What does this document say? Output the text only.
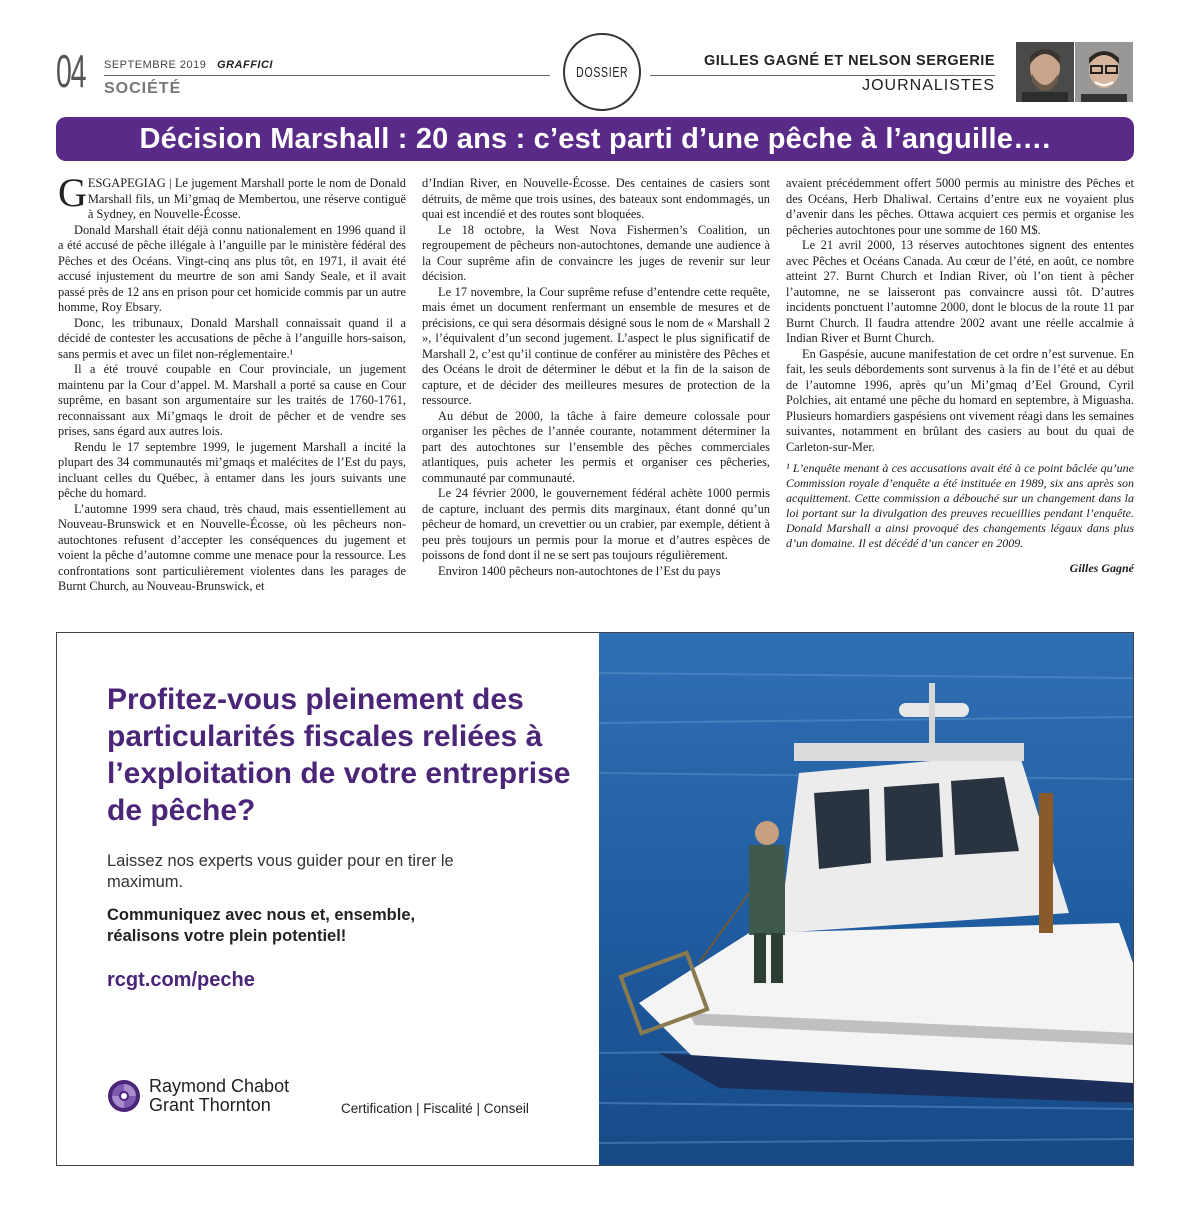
04 SEPTEMBRE 2019 GRAFFICI
SOCIÉTÉ
DOSSIER
GILLES GAGNÉ ET NELSON SERGERIE
JOURNALISTES
Décision Marshall : 20 ans : c’est parti d’une pêche à l’anguille….

GESGAPEGIAG | Le jugement Marshall porte le nom de Donald Marshall fils, un Mi’gmaq de Membertou, une réserve contiguë à Sydney, en Nouvelle-Écosse.

Donald Marshall était déjà connu nationalement en 1996 quand il a été accusé de pêche illégale à l’anguille par le ministère fédéral des Pêches et des Océans. Vingt-cinq ans plus tôt, en 1971, il avait été accusé injustement du meurtre de son ami Sandy Seale, et il avait passé près de 12 ans en prison pour cet homicide commis par un autre homme, Roy Ebsary.

Donc, les tribunaux, Donald Marshall connaissait quand il a décidé de contester les accusations de pêche à l’anguille hors-saison, sans permis et avec un filet non-réglementaire.¹

Il a été trouvé coupable en Cour provinciale, un jugement maintenu par la Cour d’appel. M. Marshall a porté sa cause en Cour suprême, en basant son argumentaire sur les traités de 1760-1761, reconnaissant aux Mi’gmaqs le droit de pêcher et de vendre ses prises, sans égard aux autres lois.

Rendu le 17 septembre 1999, le jugement Marshall a incité la plupart des 34 communautés mi’gmaqs et malécites de l’Est du pays, incluant celles du Québec, à entamer dans les jours suivants une pêche du homard.

L’automne 1999 sera chaud, très chaud, mais essentiellement au Nouveau-Brunswick et en Nouvelle-Écosse, où les pêcheurs non-autochtones refusent d’accepter les conséquences du jugement et voient la pêche d’automne comme une menace pour la ressource. Les confrontations sont particulièrement violentes dans les parages de Burnt Church, au Nouveau-Brunswick, et

d’Indian River, en Nouvelle-Écosse. Des centaines de casiers sont détruits, de même que trois usines, des bateaux sont endommagés, un quai est incendié et des routes sont bloquées.

Le 18 octobre, la West Nova Fishermen’s Coalition, un regroupement de pêcheurs non-autochtones, demande une audience à la Cour suprême afin de convaincre les juges de revenir sur leur décision.

Le 17 novembre, la Cour suprême refuse d’entendre cette requête, mais émet un document renfermant un ensemble de mesures et de précisions, ce qui sera désormais désigné sous le nom de « Marshall 2 », l’équivalent d’un second jugement. L’aspect le plus significatif de Marshall 2, c’est qu’il continue de conférer au ministère des Pêches et des Océans le droit de déterminer le début et la fin de la saison de capture, et de décider des meilleures mesures de protection de la ressource.

Au début de 2000, la tâche à faire demeure colossale pour organiser les pêches de l’année courante, notamment déterminer la part des autochtones sur l’ensemble des pêches commerciales atlantiques, puis acheter les permis et organiser ces pêcheries, communauté par communauté.

Le 24 février 2000, le gouvernement fédéral achète 1000 permis de capture, incluant des permis dits marginaux, étant donné qu’un pêcheur de homard, un crevettier ou un crabier, par exemple, détient à peu près toujours un permis pour la morue et d’autres espèces de poissons de fond dont il ne se sert pas toujours régulièrement.

Environ 1400 pêcheurs non-autochtones de l’Est du pays

avaient précédemment offert 5000 permis au ministre des Pêches et des Océans, Herb Dhaliwal. Certains d’entre eux ne voyaient plus d’avenir dans les pêches. Ottawa acquiert ces permis et organise les pêcheries autochtones pour une somme de 160 M$.

Le 21 avril 2000, 13 réserves autochtones signent des ententes avec Pêches et Océans Canada. Au cœur de l’été, en août, ce nombre atteint 27. Burnt Church et Indian River, où l’on tient à pêcher l’automne, ne se laisseront pas convaincre aussi tôt. D’autres incidents ponctuent l’automne 2000, dont le blocus de la route 11 par Burnt Church. Il faudra attendre 2002 avant une réelle accalmie à Indian River et Burnt Church.

En Gaspésie, aucune manifestation de cet ordre n’est survenue. En fait, les seuls débordements sont survenus à la fin de l’été et au début de l’automne 1996, après qu’un Mi’gmaq d’Eel Ground, Cyril Polchies, ait entamé une pêche du homard en septembre, à Miguasha. Plusieurs homardiers gaspésiens ont vivement réagi dans les semaines suivantes, notamment en brûlant des casiers au bout du quai de Carleton-sur-Mer.

¹ L’enquête menant à ces accusations avait été à ce point bâclée qu’une Commission royale d’enquête a été instituée en 1989, six ans après son acquittement. Cette commission a débouché sur un changement dans la loi portant sur la divulgation des preuves recueillies pendant l’enquête. Donald Marshall a ainsi provoqué des changements légaux dans plus d’un domaine. Il est décédé d’un cancer en 2009.

Gilles Gagné
Profitez-vous pleinement des particularités fiscales reliées à l’exploitation de votre entreprise de pêche?
Laissez nos experts vous guider pour en tirer le maximum.
Communiquez avec nous et, ensemble, réalisons votre plein potentiel!
rcgt.com/peche
Raymond Chabot
Grant Thornton	Certification | Fiscalité | Conseil
